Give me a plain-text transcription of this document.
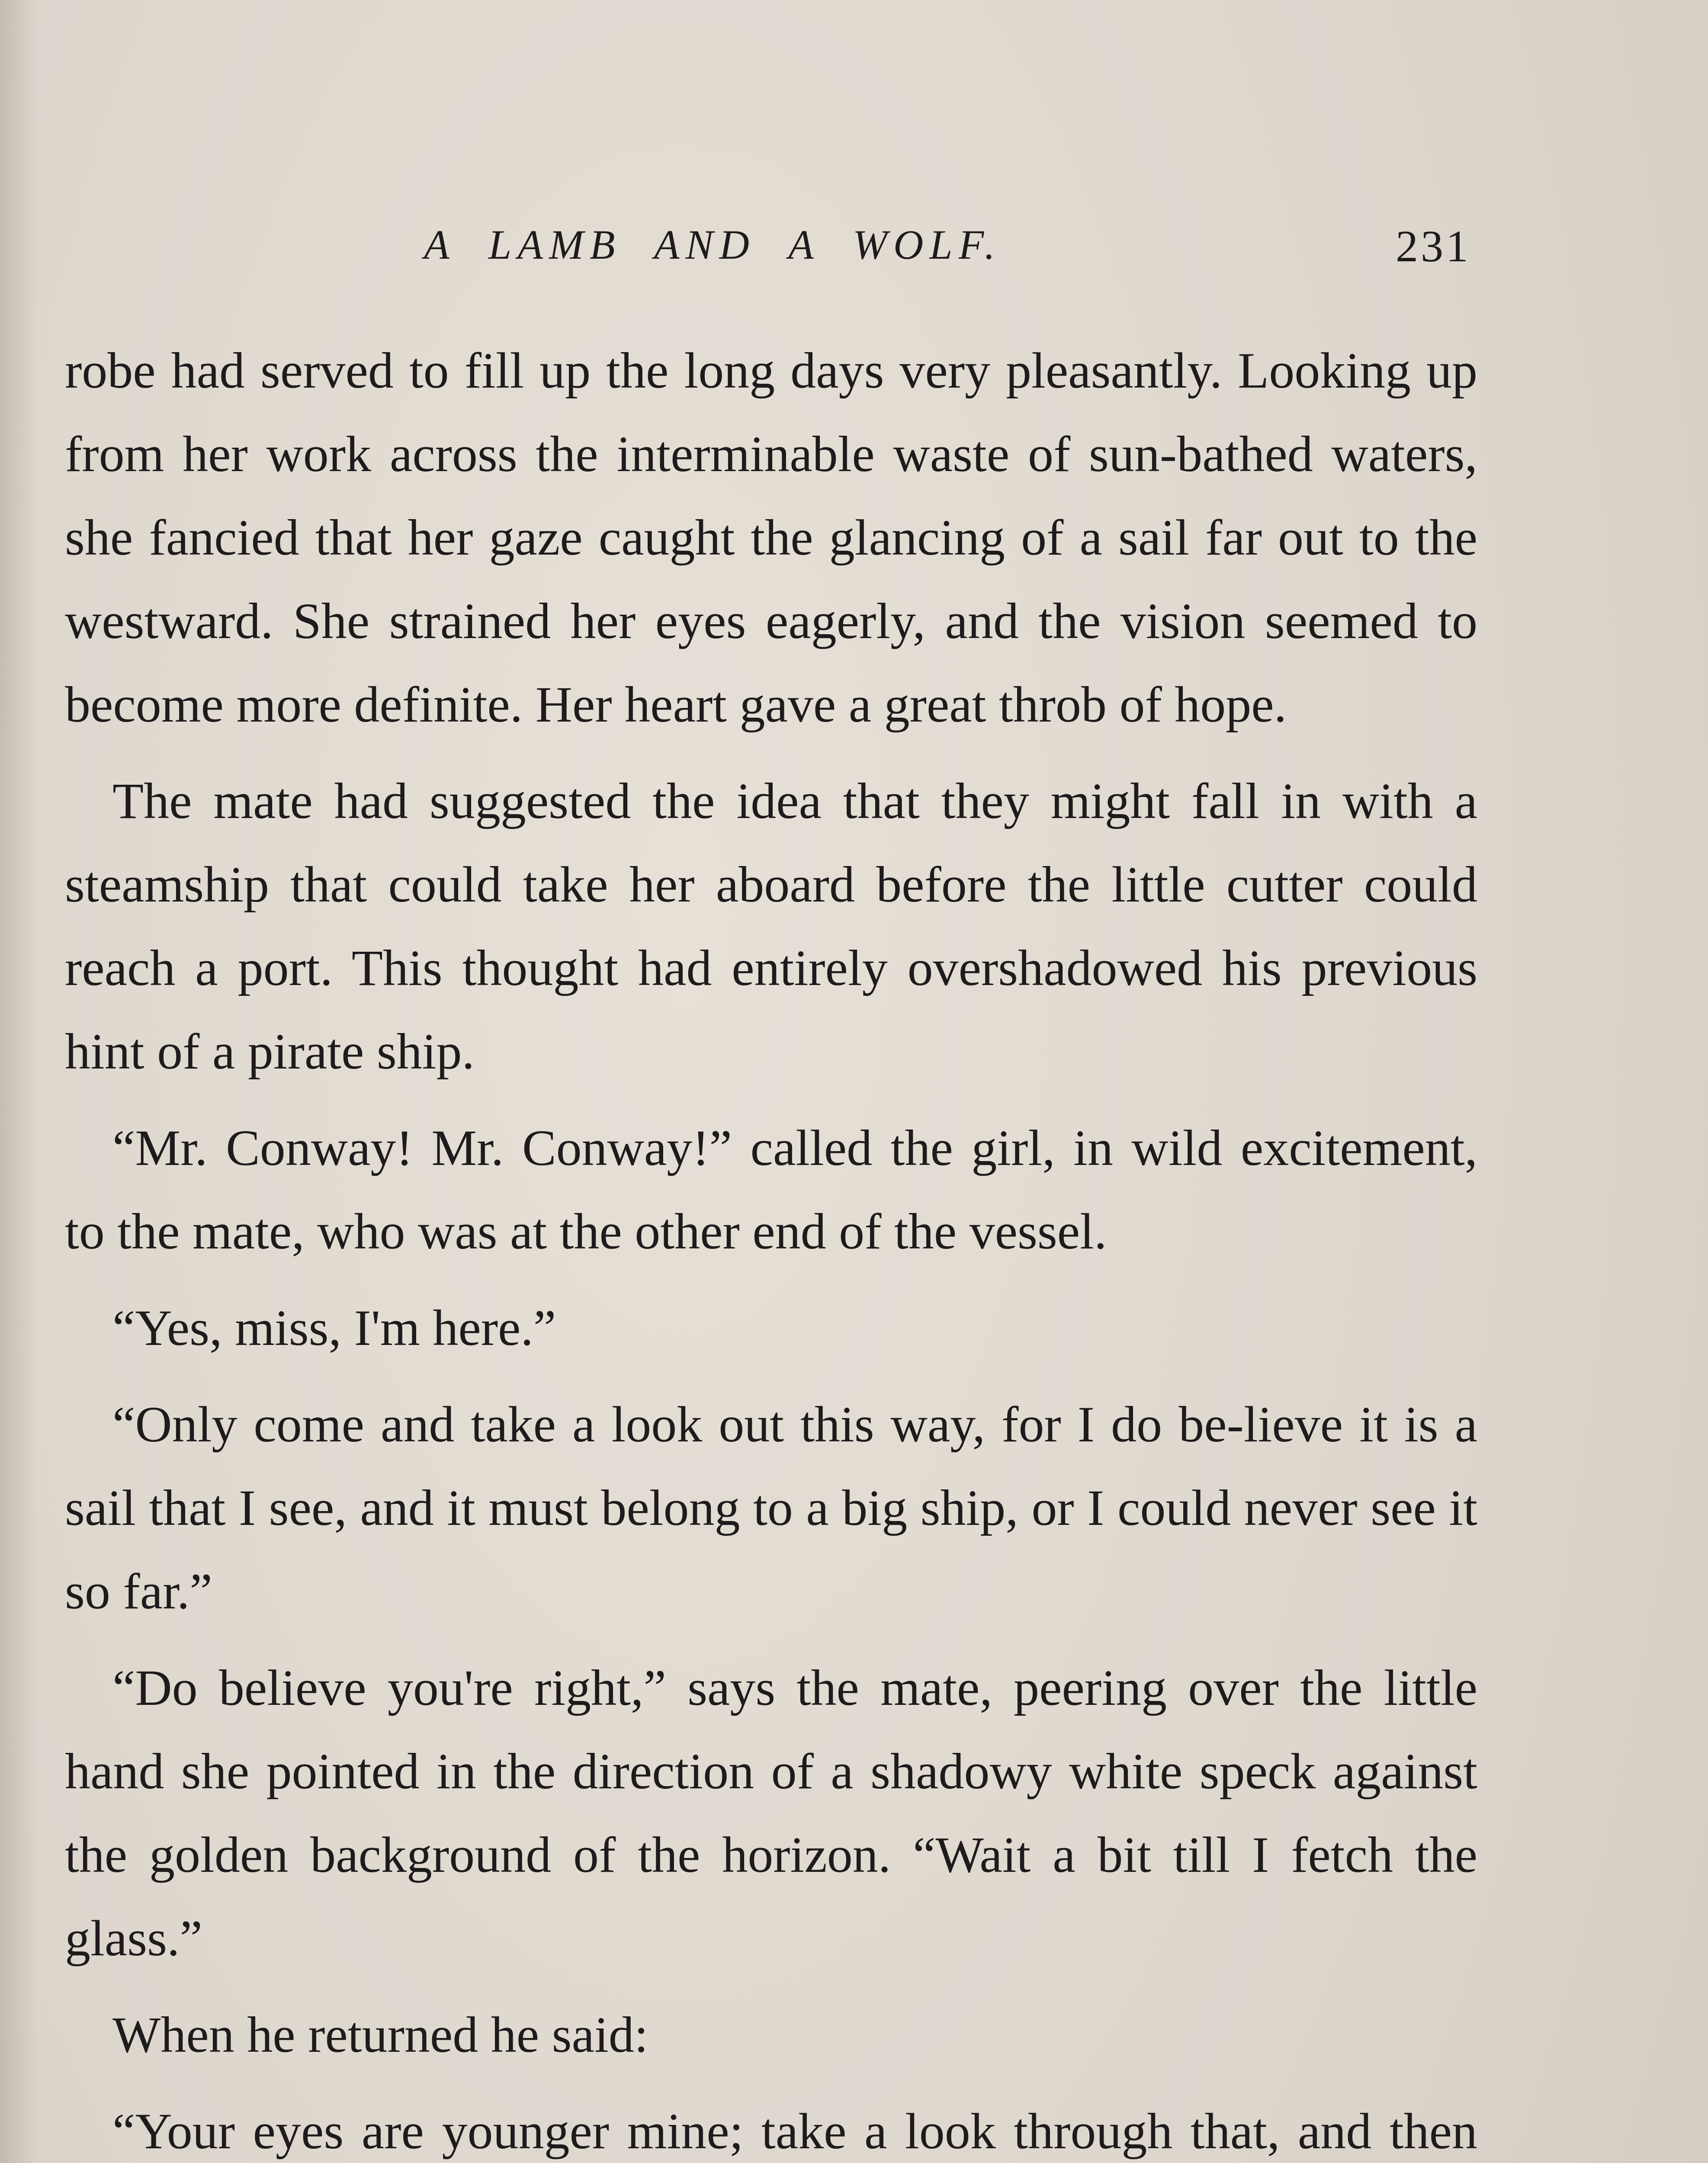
A LAMB AND A WOLF.	231

robe had served to fill up the long days very pleasantly. Looking up from her work across the interminable waste of sun-bathed waters, she fancied that her gaze caught the glancing of a sail far out to the westward. She strained her eyes eagerly, and the vision seemed to become more definite. Her heart gave a great throb of hope.

The mate had suggested the idea that they might fall in with a steamship that could take her aboard before the little cutter could reach a port. This thought had entirely overshadowed his previous hint of a pirate ship.

“Mr. Conway! Mr. Conway!” called the girl, in wild excitement, to the mate, who was at the other end of the vessel.

“Yes, miss, I'm here.”

“Only come and take a look out this way, for I do be-lieve it is a sail that I see, and it must belong to a big ship, or I could never see it so far.”

“Do believe you're right,” says the mate, peering over the little hand she pointed in the direction of a shadowy white speck against the golden background of the horizon. “Wait a bit till I fetch the glass.”

When he returned he said:

“Your eyes are younger mine; take a look through that, and then
